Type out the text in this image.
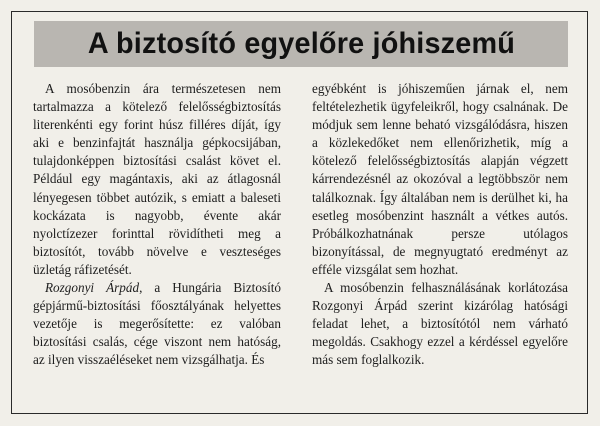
A biztosító egyelőre jóhiszemű

A mosóbenzin ára természetesen nem tartalmazza a kötelező felelősségbiztosítás literenkénti egy forint húsz filléres díját, így aki e benzinfajtát használja gépkocsijában, tulajdonképpen biztosítási csalást követ el. Például egy magántaxis, aki az átlagosnál lényegesen többet autózik, s emiatt a baleseti kockázata is nagyobb, évente akár nyolctízezer forinttal rövidítheti meg a biztosítót, tovább növelve e veszteséges üzletág ráfizetését.

Rozgonyi Árpád, a Hungária Biztosító gépjármű-biztosítási főosztályának helyettes vezetője is megerősítette: ez valóban biztosítási csalás, cége viszont nem hatóság, az ilyen visszaéléseket nem vizsgálhatja. És

egyébként is jóhiszeműen járnak el, nem feltételezhetik ügyfeleikről, hogy csalnának. De módjuk sem lenne beható vizsgálódásra, hiszen a közlekedőket nem ellenőrizhetik, míg a kötelező felelősségbiztosítás alapján végzett kárrendezésnél az okozóval a legtöbbször nem találkoznak. Így általában nem is derülhet ki, ha esetleg mosóbenzint használt a vétkes autós. Próbálkozhatnának persze utólagos bizonyítással, de megnyugtató eredményt az efféle vizsgálat sem hozhat.

A mosóbenzin felhasználásának korlátozása Rozgonyi Árpád szerint kizárólag hatósági feladat lehet, a biztosítótól nem várható megoldás. Csakhogy ezzel a kérdéssel egyelőre más sem foglalkozik.
